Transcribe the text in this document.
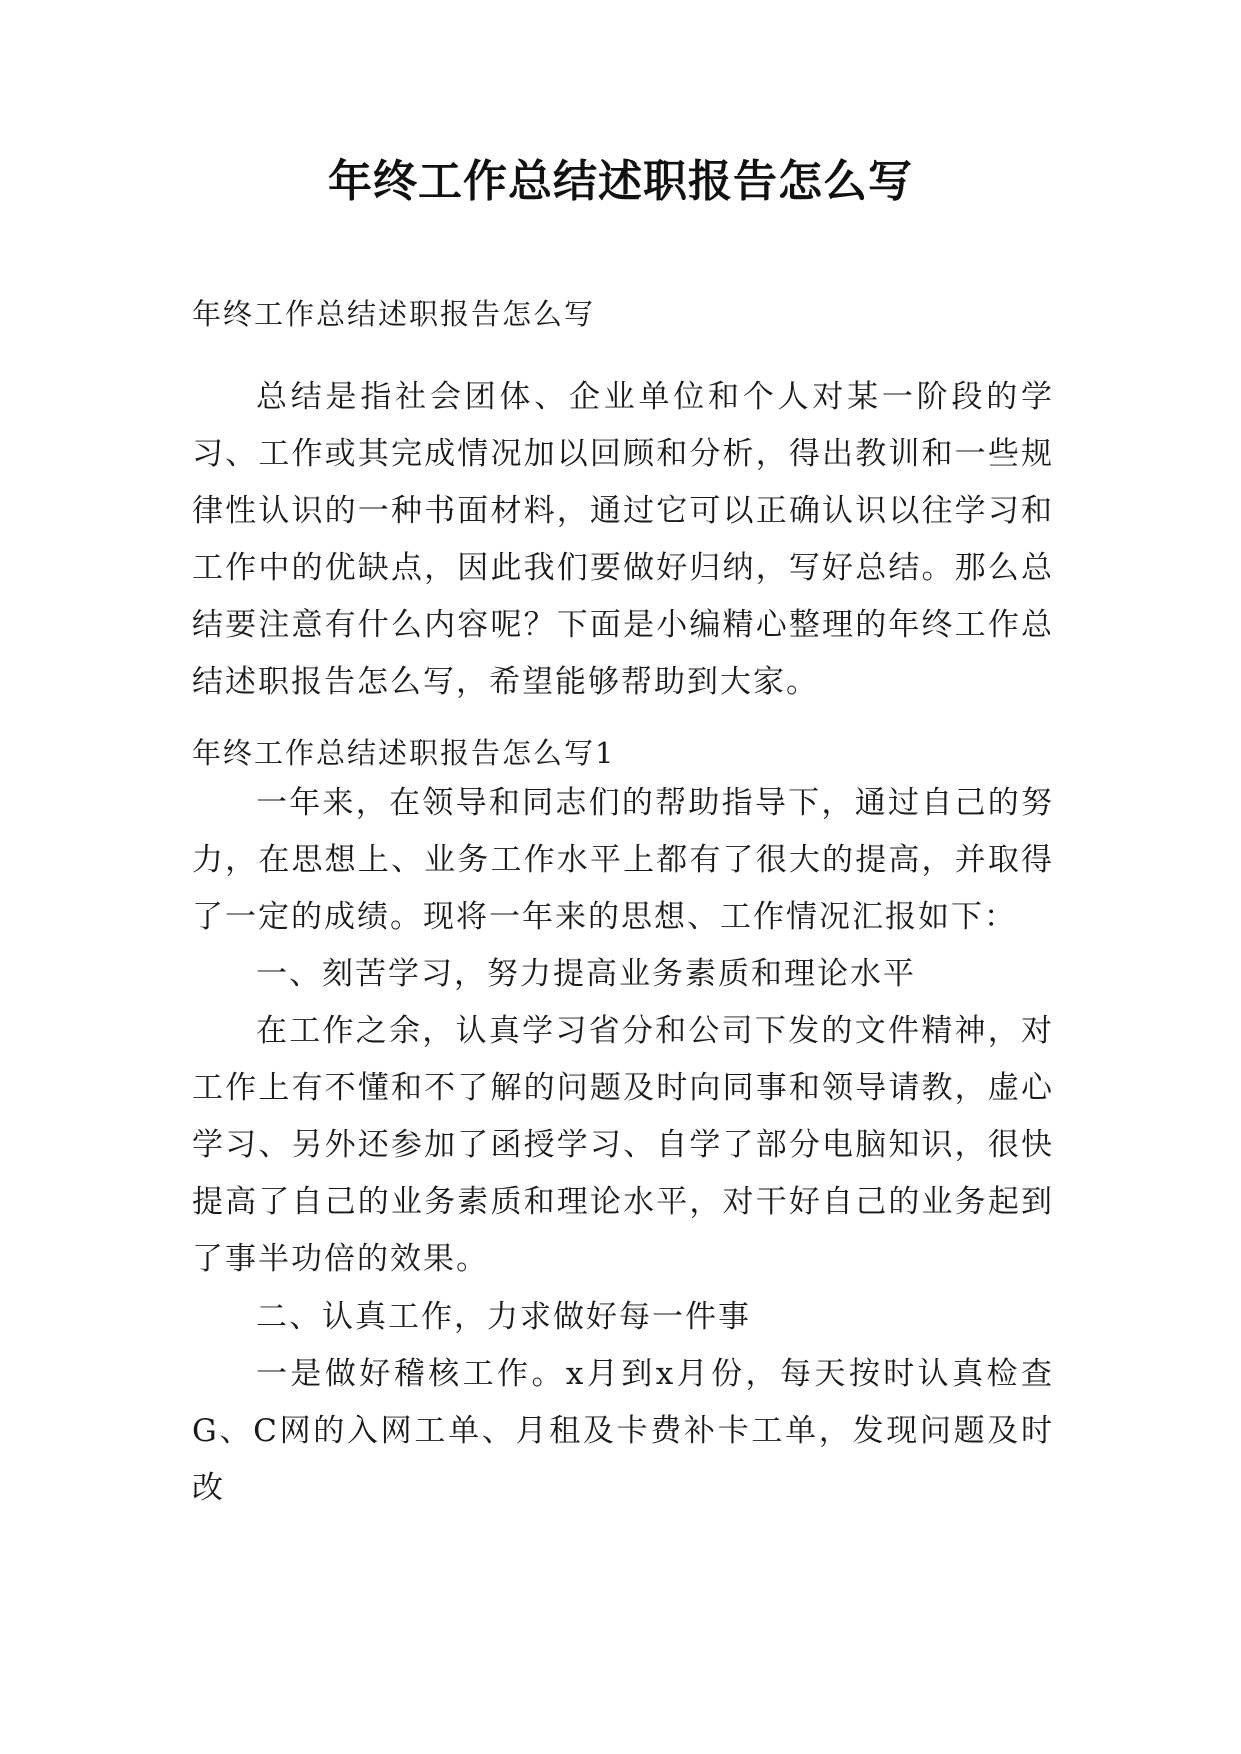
年终工作总结述职报告怎么写
年终工作总结述职报告怎么写
总结是指社会团体、企业单位和个人对某一阶段的学习、工作或其完成情况加以回顾和分析，得出教训和一些规律性认识的一种书面材料，通过它可以正确认识以往学习和工作中的优缺点，因此我们要做好归纳，写好总结。那么总结要注意有什么内容呢？下面是小编精心整理的年终工作总结述职报告怎么写，希望能够帮助到大家。
年终工作总结述职报告怎么写1
一年来，在领导和同志们的帮助指导下，通过自己的努力，在思想上、业务工作水平上都有了很大的提高，并取得了一定的成绩。现将一年来的思想、工作情况汇报如下：
一、刻苦学习，努力提高业务素质和理论水平
在工作之余，认真学习省分和公司下发的文件精神，对工作上有不懂和不了解的问题及时向同事和领导请教，虚心学习、另外还参加了函授学习、自学了部分电脑知识，很快提高了自己的业务素质和理论水平，对干好自己的业务起到了事半功倍的效果。
二、认真工作，力求做好每一件事
一是做好稽核工作。x月到x月份，每天按时认真检查G、C网的入网工单、月租及卡费补卡工单，发现问题及时改
